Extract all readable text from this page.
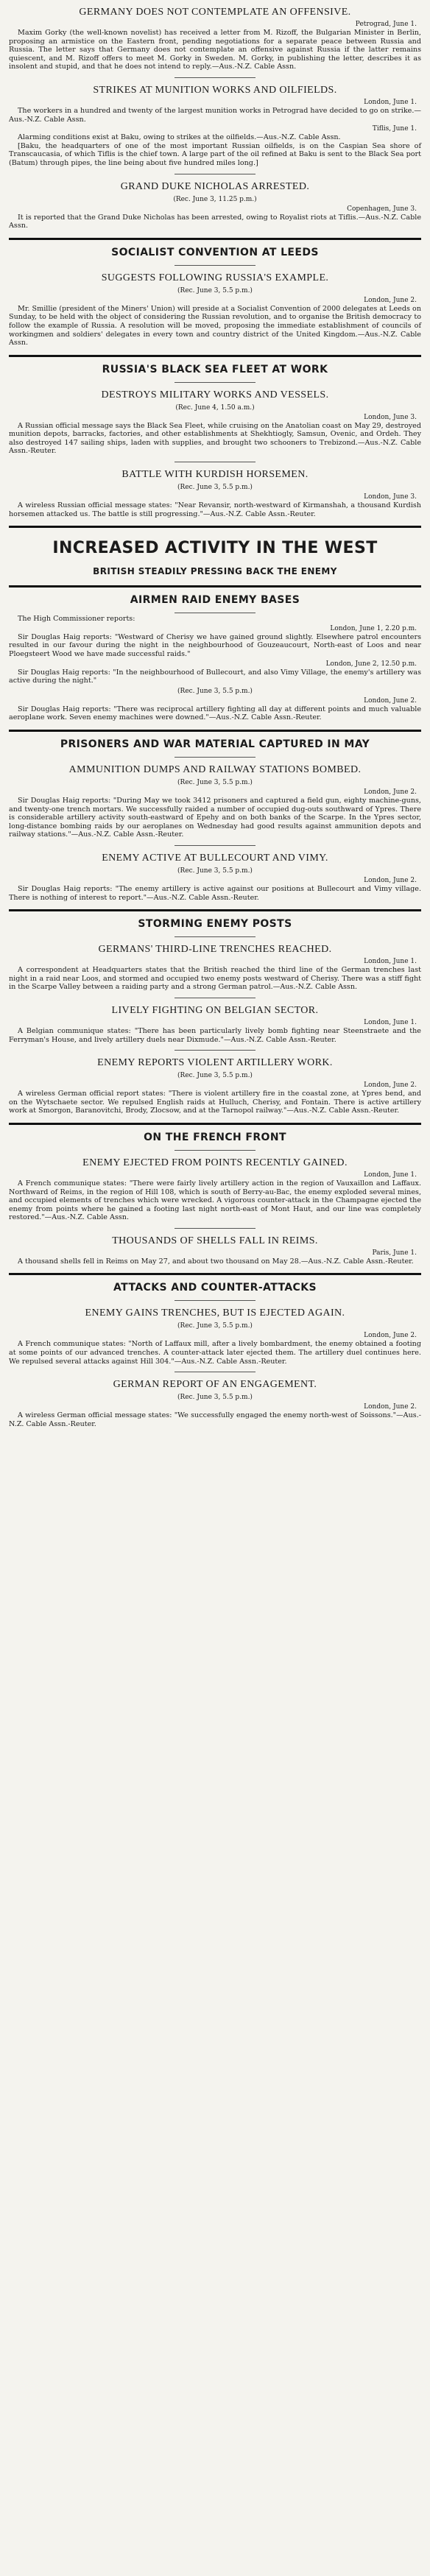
GERMANY DOES NOT CONTEMPLATE AN OFFENSIVE.
Petrograd, June 1.

Maxim Gorky (the well-known novelist) has received a letter from M. Rizoff, the Bulgarian Minister in Berlin, proposing an armistice on the Eastern front, pending negotiations for a separate peace between Russia and Russia. The letter says that Germany does not contemplate an offensive against Russia if the latter remains quiescent, and M. Rizoff offers to meet M. Gorky in Sweden. M. Gorky, in publishing the letter, describes it as insolent and stupid, and that he does not intend to reply.—Aus.-N.Z. Cable Assn.

STRIKES AT MUNITION WORKS AND OILFIELDS.
London, June 1.

The workers in a hundred and twenty of the largest munition works in Petrograd have decided to go on strike.—Aus.-N.Z. Cable Assn.

Tiflis, June 1.

Alarming conditions exist at Baku, owing to strikes at the oilfields.—Aus.-N.Z. Cable Assn.

[Baku, the headquarters of one of the most important Russian oilfields, is on the Caspian Sea shore of Transcaucasia, of which Tiflis is the chief town. A large part of the oil refined at Baku is sent to the Black Sea port (Batum) through pipes, the line being about five hundred miles long.]

GRAND DUKE NICHOLAS ARRESTED.
(Rec. June 3, 11.25 p.m.)
Copenhagen, June 3.

It is reported that the Grand Duke Nicholas has been arrested, owing to Royalist riots at Tiflis.—Aus.-N.Z. Cable Assn.

SOCIALIST CONVENTION AT LEEDS
SUGGESTS FOLLOWING RUSSIA'S EXAMPLE.
(Rec. June 3, 5.5 p.m.)
London, June 2.

Mr. Smillie (president of the Miners' Union) will preside at a Socialist Convention of 2000 delegates at Leeds on Sunday, to be held with the object of considering the Russian revolution, and to organise the British democracy to follow the example of Russia. A resolution will be moved, proposing the immediate establishment of councils of workingmen and soldiers' delegates in every town and country district of the United Kingdom.—Aus.-N.Z. Cable Assn.

RUSSIA'S BLACK SEA FLEET AT WORK
DESTROYS MILITARY WORKS AND VESSELS.
(Rec. June 4, 1.50 a.m.)
London, June 3.

A Russian official message says the Black Sea Fleet, while cruising on the Anatolian coast on May 29, destroyed munition depots, barracks, factories, and other establishments at Shekhtiogly, Samsun, Ovenic, and Ordeh. They also destroyed 147 sailing ships, laden with supplies, and brought two schooners to Trebizond.—Aus.-N.Z. Cable Assn.-Reuter.

BATTLE WITH KURDISH HORSEMEN.
(Rec. June 3, 5.5 p.m.)
London, June 3.

A wireless Russian official message states: "Near Revansir, north-westward of Kirmanshah, a thousand Kurdish horsemen attacked us. The battle is still progressing."—Aus.-N.Z. Cable Assn.-Reuter.

INCREASED ACTIVITY IN THE WEST
BRITISH STEADILY PRESSING BACK THE ENEMY
AIRMEN RAID ENEMY BASES

The High Commissioner reports:

London, June 1, 2.20 p.m.

Sir Douglas Haig reports: "Westward of Cherisy we have gained ground slightly. Elsewhere patrol encounters resulted in our favour during the night in the neighbourhood of Gouzeaucourt, North-east of Loos and near Ploegsteert Wood we have made successful raids."

London, June 2, 12.50 p.m.

Sir Douglas Haig reports: "In the neighbourhood of Bullecourt, and also Vimy Village, the enemy's artillery was active during the night."

(Rec. June 3, 5.5 p.m.)
London, June 2.

Sir Douglas Haig reports: "There was reciprocal artillery fighting all day at different points and much valuable aeroplane work. Seven enemy machines were downed."—Aus.-N.Z. Cable Assn.-Reuter.

PRISONERS AND WAR MATERIAL CAPTURED IN MAY
AMMUNITION DUMPS AND RAILWAY STATIONS BOMBED.
(Rec. June 3, 5.5 p.m.)
London, June 2.

Sir Douglas Haig reports: "During May we took 3412 prisoners and captured a field gun, eighty machine-guns, and twenty-one trench mortars. We successfully raided a number of occupied dug-outs southward of Ypres. There is considerable artillery activity south-eastward of Epehy and on both banks of the Scarpe. In the Ypres sector, long-distance bombing raids by our aeroplanes on Wednesday had good results against ammunition depots and railway stations."—Aus.-N.Z. Cable Assn.-Reuter.

ENEMY ACTIVE AT BULLECOURT AND VIMY.
(Rec. June 3, 5.5 p.m.)
London, June 2.

Sir Douglas Haig reports: "The enemy artillery is active against our positions at Bullecourt and Vimy village. There is nothing of interest to report."—Aus.-N.Z. Cable Assn.-Reuter.

STORMING ENEMY POSTS
GERMANS' THIRD-LINE TRENCHES REACHED.
London, June 1.

A correspondent at Headquarters states that the British reached the third line of the German trenches last night in a raid near Loos, and stormed and occupied two enemy posts westward of Cherisy. There was a stiff fight in the Scarpe Valley between a raiding party and a strong German patrol.—Aus.-N.Z. Cable Assn.

LIVELY FIGHTING ON BELGIAN SECTOR.
London, June 1.

A Belgian communique states: "There has been particularly lively bomb fighting near Steenstraete and the Ferryman's House, and lively artillery duels near Dixmude."—Aus.-N.Z. Cable Assn.-Reuter.

ENEMY REPORTS VIOLENT ARTILLERY WORK.
(Rec. June 3, 5.5 p.m.)
London, June 2.

A wireless German official report states: "There is violent artillery fire in the coastal zone, at Ypres bend, and on the Wytschaete sector. We repulsed English raids at Hulluch, Cherisy, and Fontain. There is active artillery work at Smorgon, Baranovitchi, Brody, Zlocsow, and at the Tarnopol railway."—Aus.-N.Z. Cable Assn.-Reuter.

ON THE FRENCH FRONT
ENEMY EJECTED FROM POINTS RECENTLY GAINED.
London, June 1.

A French communique states: "There were fairly lively artillery action in the region of Vauxaillon and Laffaux. Northward of Reims, in the region of Hill 108, which is south of Berry-au-Bac, the enemy exploded several mines, and occupied elements of trenches which were wrecked. A vigorous counter-attack in the Champagne ejected the enemy from points where he gained a footing last night north-east of Mont Haut, and our line was completely restored."—Aus.-N.Z. Cable Assn.

THOUSANDS OF SHELLS FALL IN REIMS.
Paris, June 1.

A thousand shells fell in Reims on May 27, and about two thousand on May 28.—Aus.-N.Z. Cable Assn.-Reuter.

ATTACKS AND COUNTER-ATTACKS
ENEMY GAINS TRENCHES, BUT IS EJECTED AGAIN.
(Rec. June 3, 5.5 p.m.)
London, June 2.

A French communique states: "North of Laffaux mill, after a lively bombardment, the enemy obtained a footing at some points of our advanced trenches. A counter-attack later ejected them. The artillery duel continues here. We repulsed several attacks against Hill 304."—Aus.-N.Z. Cable Assn.-Reuter.

GERMAN REPORT OF AN ENGAGEMENT.
(Rec. June 3, 5.5 p.m.)
London, June 2.

A wireless German official message states: "We successfully engaged the enemy north-west of Soissons."—Aus.-N.Z. Cable Assn.-Reuter.
